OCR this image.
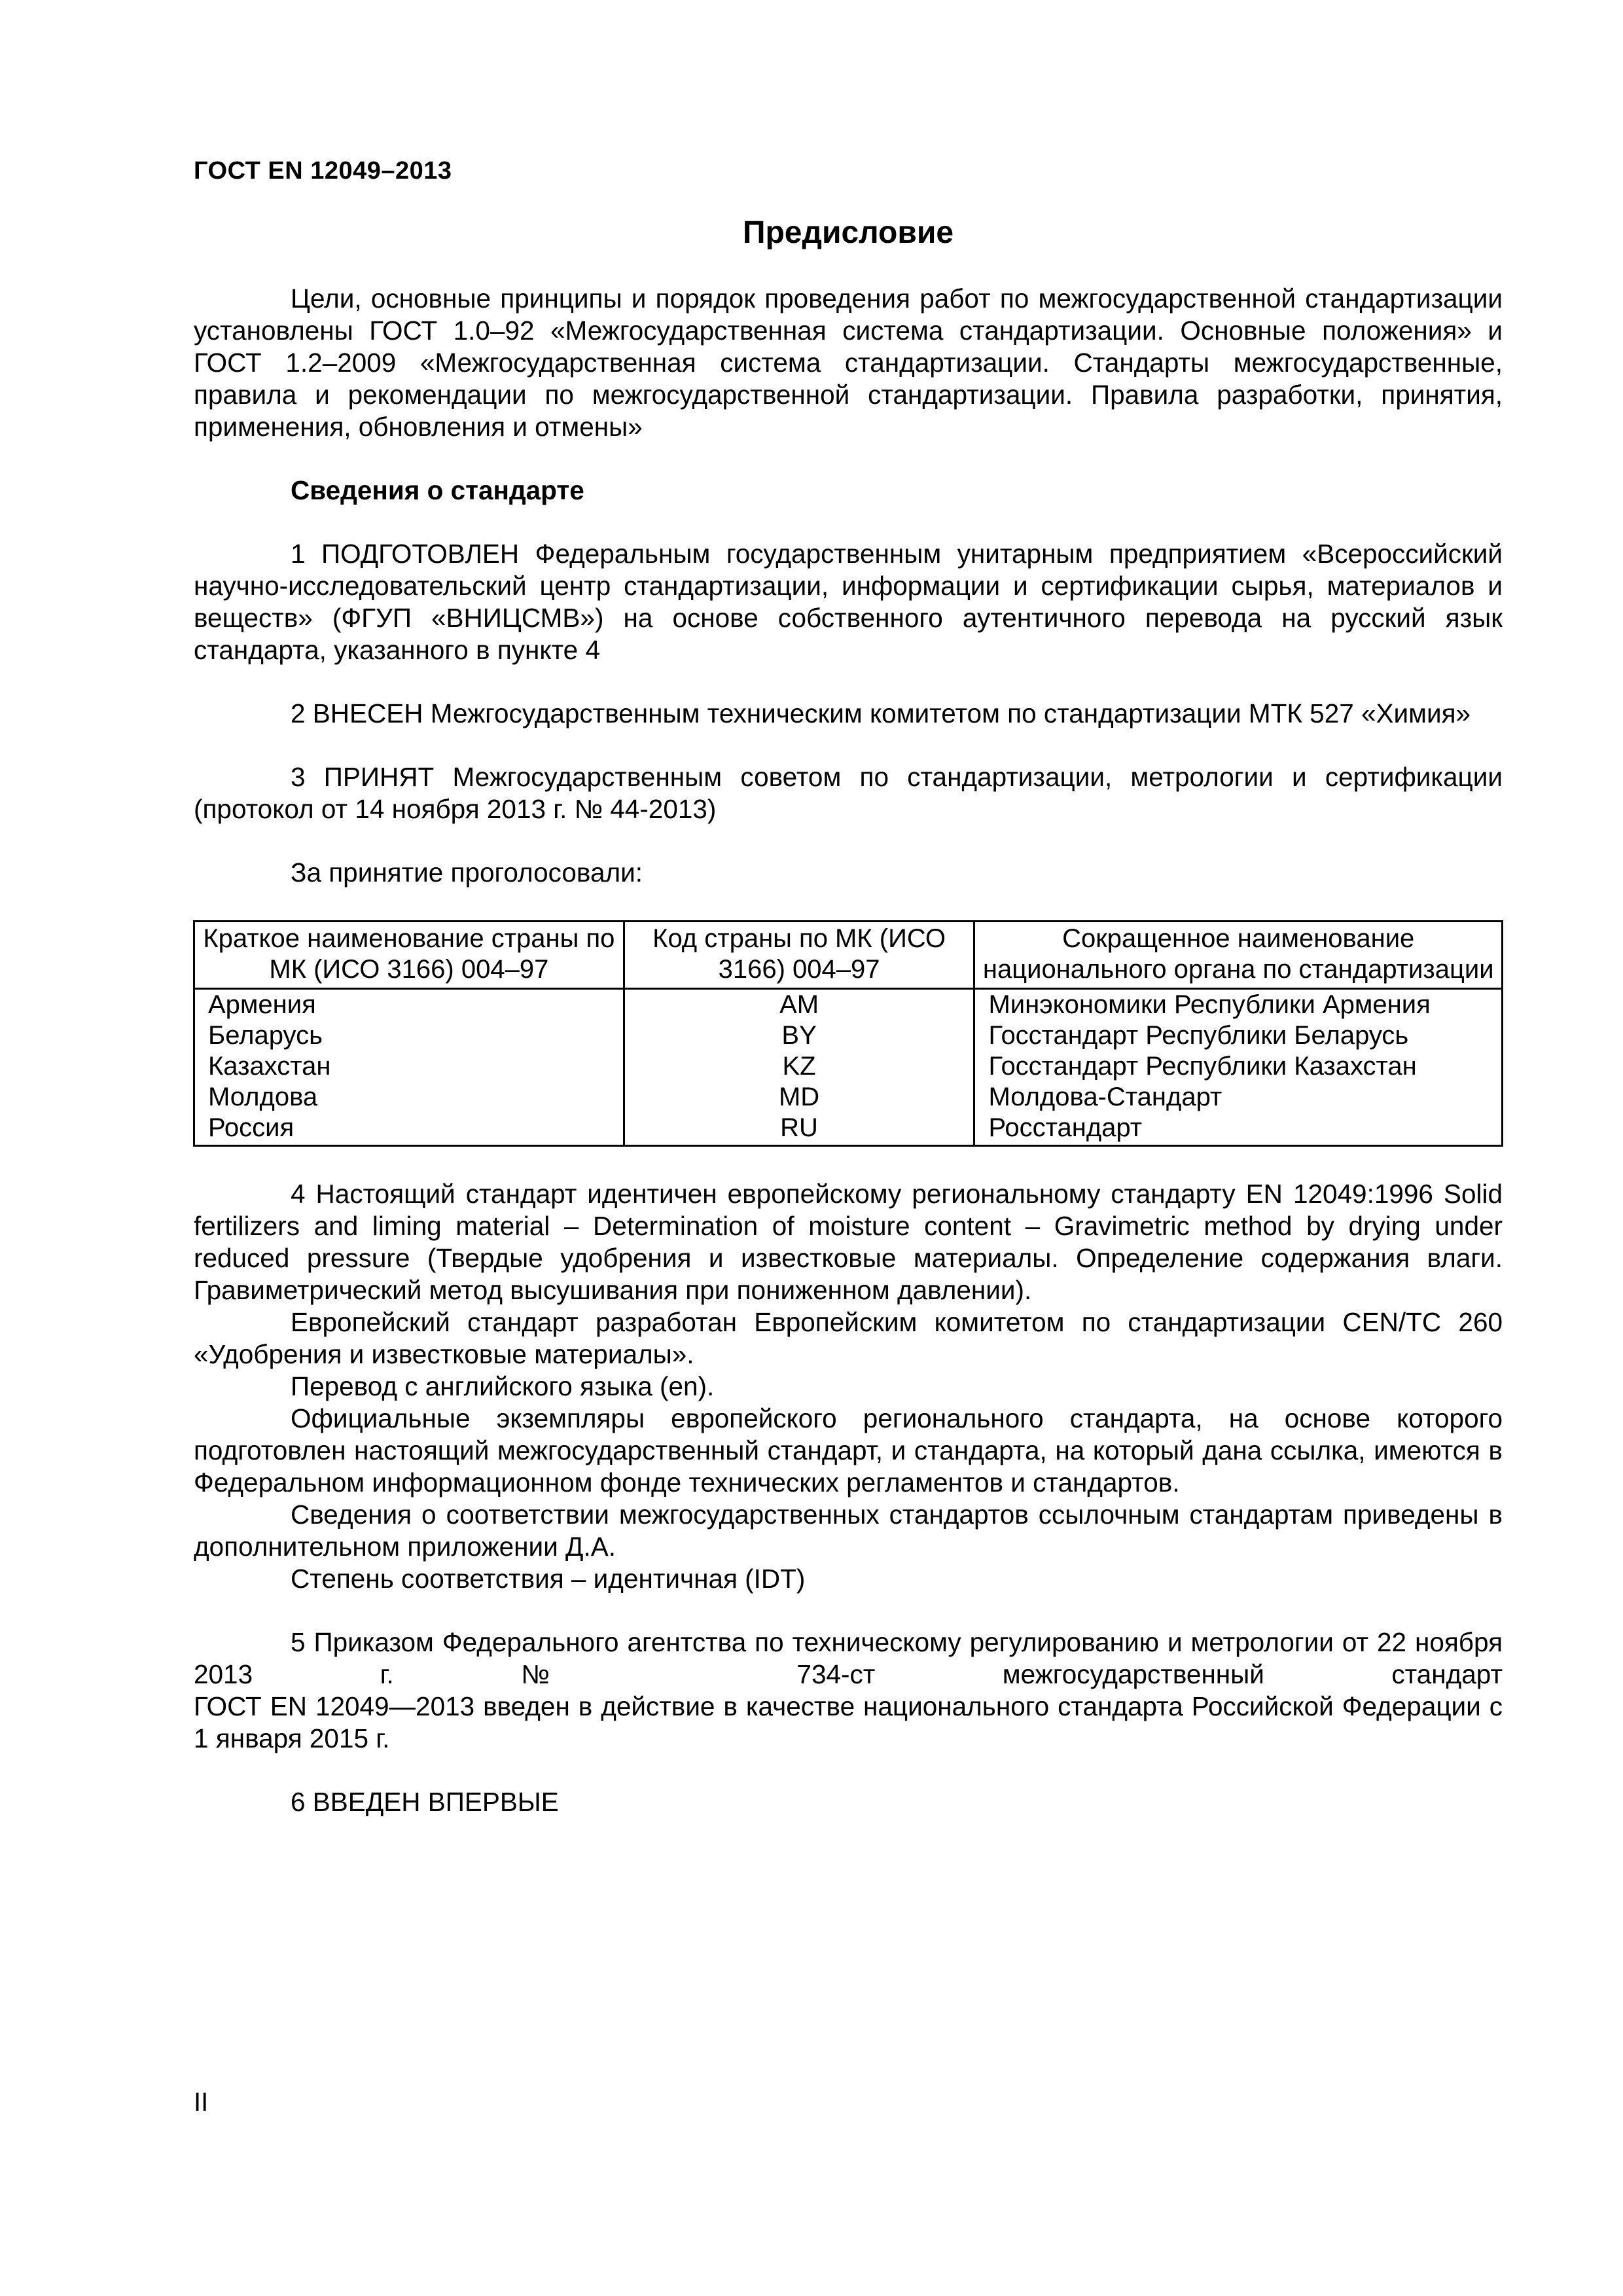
ГОСТ EN 12049–2013
Предисловие

Цели, основные принципы и порядок проведения работ по межгосударственной стандартизации установлены ГОСТ 1.0–92 «Межгосударственная система стандартизации. Основные положения» и ГОСТ 1.2–2009 «Межгосударственная система стандартизации. Стандарты межгосударственные, правила и рекомендации по межгосударственной стандартизации. Правила разработки, принятия, применения, обновления и отмены»

Сведения о стандарте

1 ПОДГОТОВЛЕН Федеральным государственным унитарным предприятием «Всероссийский научно-исследовательский центр стандартизации, информации и сертификации сырья, материалов и веществ» (ФГУП «ВНИЦСМВ») на основе собственного аутентичного перевода на русский язык стандарта, указанного в пункте 4

2 ВНЕСЕН Межгосударственным техническим комитетом по стандартизации МТК 527 «Химия»

3 ПРИНЯТ Межгосударственным советом по стандартизации, метрологии и сертификации (протокол от 14 ноября 2013 г. № 44-2013)

За принятие проголосовали:

Краткое наименование страны по МК (ИСО 3166) 004–97	Код страны по МК (ИСО 3166) 004–97	Сокращенное наименование национального органа по стандартизации
Армения	AM	Минэкономики Республики Армения
Беларусь	BY	Госстандарт Республики Беларусь
Казахстан	KZ	Госстандарт Республики Казахстан
Молдова	MD	Молдова-Стандарт
Россия	RU	Росстандарт

4 Настоящий стандарт идентичен европейскому региональному стандарту EN 12049:1996 Solid fertilizers and liming material – Determination of moisture content – Gravimetric method by drying under reduced pressure (Твердые удобрения и известковые материалы. Определение содержания влаги. Гравиметрический метод высушивания при пониженном давлении).

Европейский стандарт разработан Европейским комитетом по стандартизации CEN/TC 260 «Удобрения и известковые материалы».

Перевод с английского языка (en).

Официальные экземпляры европейского регионального стандарта, на основе которого подготовлен настоящий межгосударственный стандарт, и стандарта, на который дана ссылка, имеются в Федеральном информационном фонде технических регламентов и стандартов.

Сведения о соответствии межгосударственных стандартов ссылочным стандартам приведены в дополнительном приложении Д.А.

Степень соответствия – идентичная (IDT)

5 Приказом Федерального агентства по техническому регулированию и метрологии от 22 ноября 2013 г. № 734-ст межгосударственный стандарт

ГОСТ EN 12049—2013 введен в действие в качестве национального стандарта Российской Федерации с 1 января 2015 г.

6 ВВЕДЕН ВПЕРВЫЕ

II
